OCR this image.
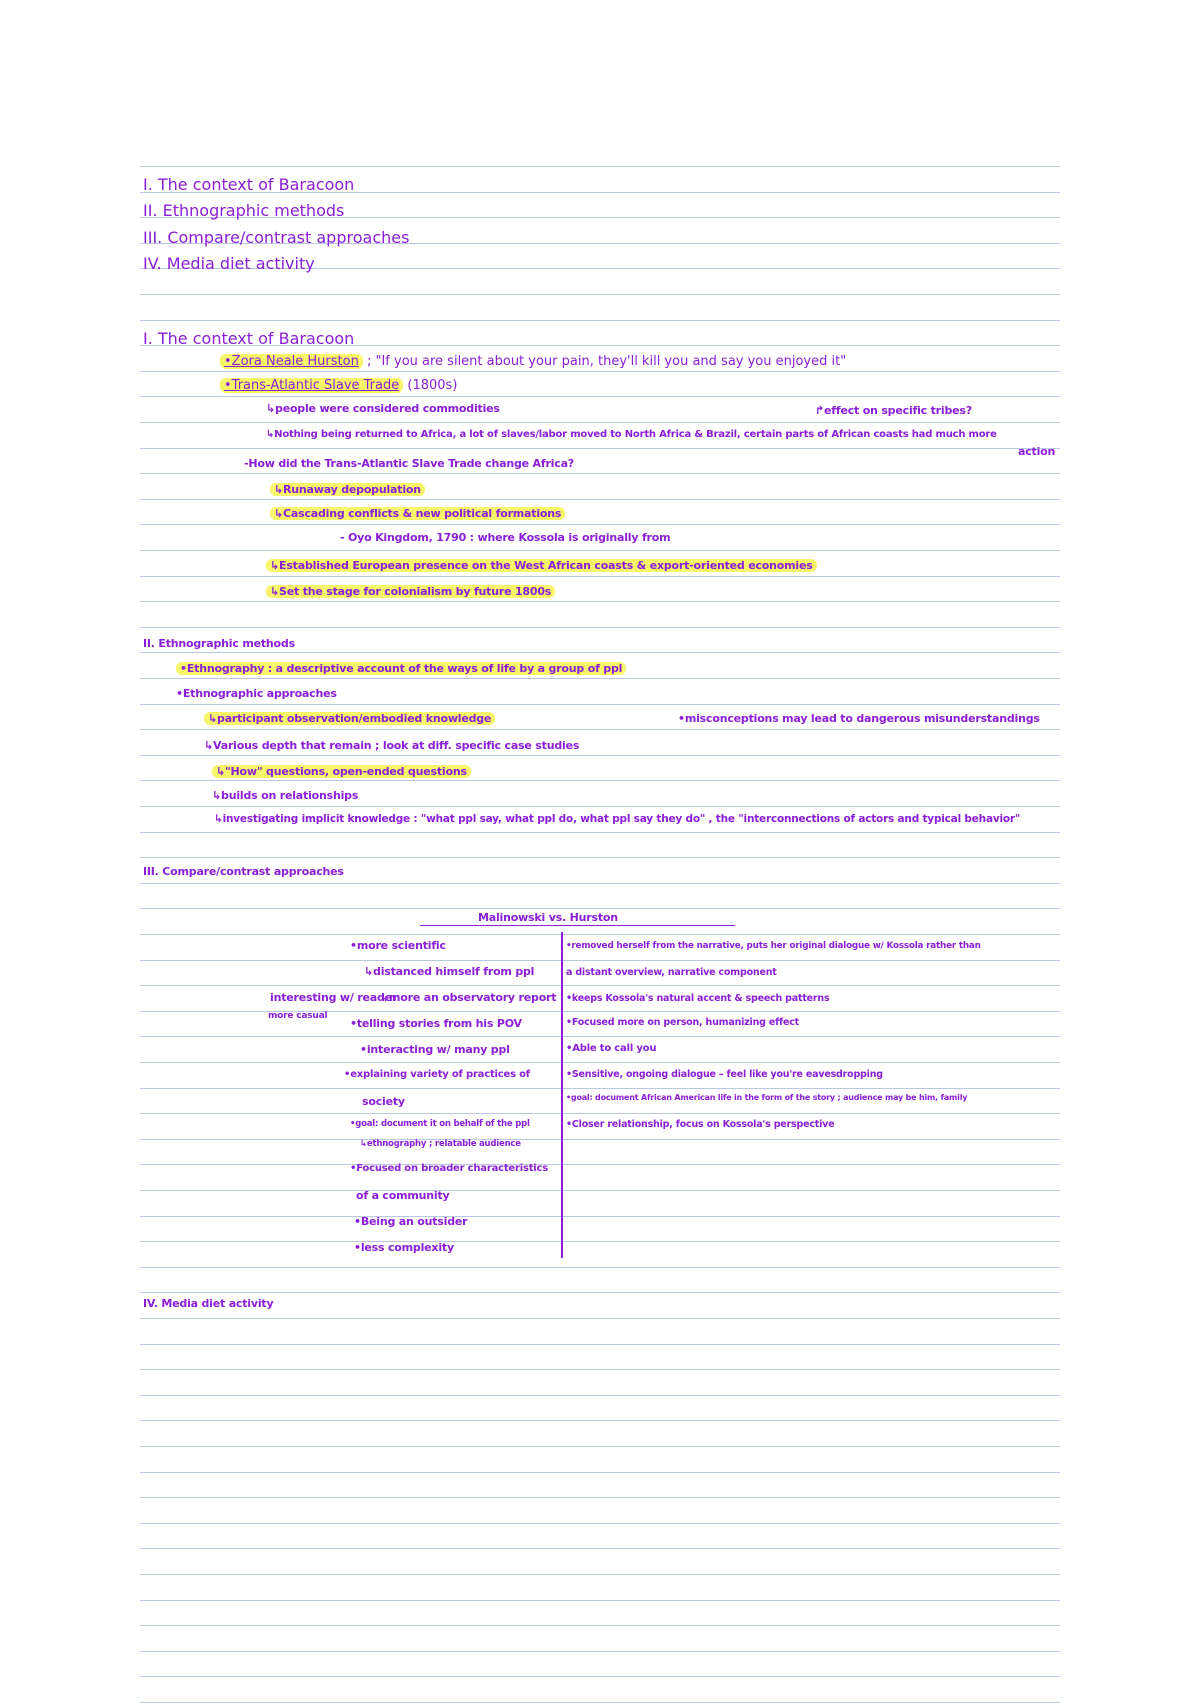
I. The context of Baracoon
II. Ethnographic methods
III. Compare/contrast approaches
IV. Media diet activity
I. The context of Baracoon
•Zora Neale Hurston ; "If you are silent about your pain, they'll kill you and say you enjoyed it"
•Trans-Atlantic Slave Trade (1800s)
↳people were considered commodities	↱effect on specific tribes?
↳Nothing being returned to Africa, a lot of slaves/labor moved to North Africa & Brazil, certain parts of African coasts had much more
action
-How did the Trans-Atlantic Slave Trade change Africa?
↳Runaway depopulation
↳Cascading conflicts & new political formations
- Oyo Kingdom, 1790 : where Kossola is originally from
↳Established European presence on the West African coasts & export-oriented economies
↳Set the stage for colonialism by future 1800s
II. Ethnographic methods
•Ethnography : a descriptive account of the ways of life by a group of ppl
•Ethnographic approaches
↳participant observation/embodied knowledge	•misconceptions may lead to dangerous misunderstandings
↳Various depth that remain ; look at diff. specific case studies
↳"How" questions, open-ended questions
↳builds on relationships
↳investigating implicit knowledge : "what ppl say, what ppl do, what ppl say they do" , the "interconnections of actors and typical behavior"
III. Compare/contrast approaches
Malinowski vs. Hurston
interesting w/ reader
more casual
•more scientific
↳distanced himself from ppl
↳more an observatory report
•telling stories from his POV
•interacting w/ many ppl
•explaining variety of practices of
society
•goal: document it on behalf of the ppl
↳ethnography ; relatable audience
•Focused on broader characteristics
of a community
•Being an outsider
•less complexity
•removed herself from the narrative, puts her original dialogue w/ Kossola rather than
a distant overview, narrative component
•keeps Kossola's natural accent & speech patterns
•Focused more on person, humanizing effect
•Able to call you
•Sensitive, ongoing dialogue – feel like you're eavesdropping
•goal: document African American life in the form of the story ; audience may be him, family
•Closer relationship, focus on Kossola's perspective
IV. Media diet activity
